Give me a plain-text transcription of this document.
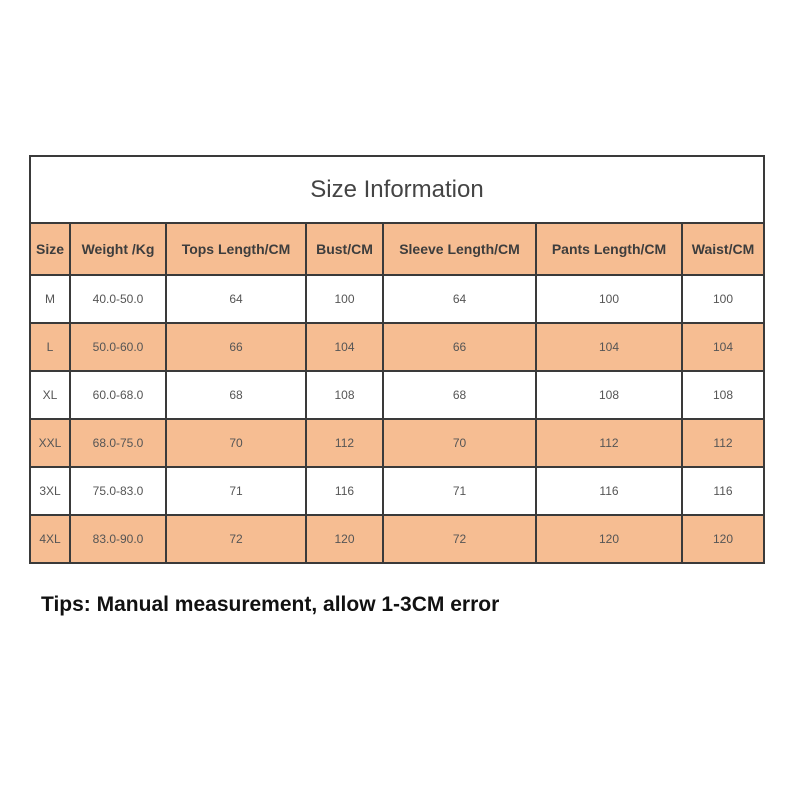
Size Information
Size	Weight /Kg	Tops Length/CM	Bust/CM	Sleeve Length/CM	Pants Length/CM	Waist/CM
M	40.0-50.0	64	100	64	100	100
L	50.0-60.0	66	104	66	104	104
XL	60.0-68.0	68	108	68	108	108
XXL	68.0-75.0	70	112	70	112	112
3XL	75.0-83.0	71	116	71	116	116
4XL	83.0-90.0	72	120	72	120	120
Tips: Manual measurement, allow 1-3CM error
